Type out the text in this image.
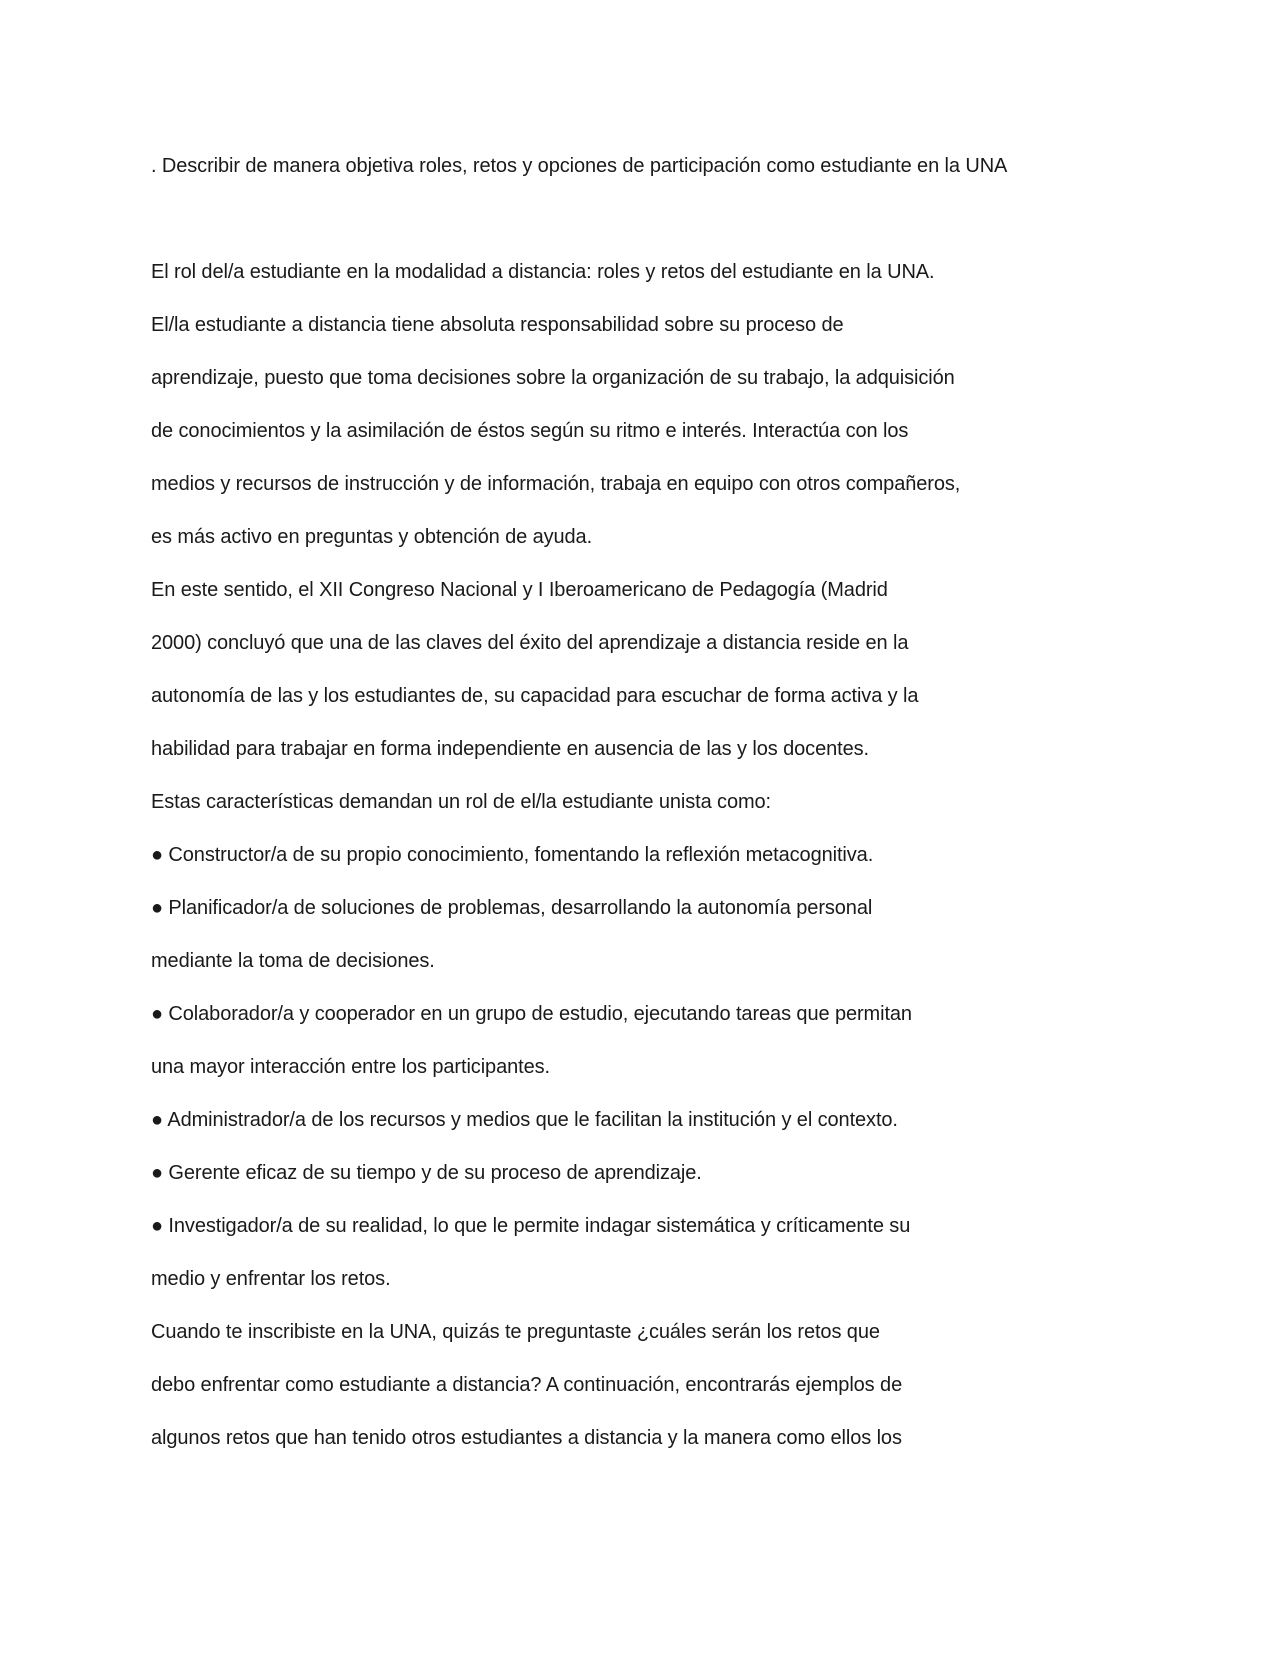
. Describir de manera objetiva roles, retos y opciones de participación como estudiante en la UNA
El rol del/a estudiante en la modalidad a distancia: roles y retos del estudiante en la UNA.
El/la estudiante a distancia tiene absoluta responsabilidad sobre su proceso de
aprendizaje, puesto que toma decisiones sobre la organización de su trabajo, la adquisición
de conocimientos y la asimilación de éstos según su ritmo e interés. Interactúa con los
medios y recursos de instrucción y de información, trabaja en equipo con otros compañeros,
es más activo en preguntas y obtención de ayuda.
En este sentido, el XII Congreso Nacional y I Iberoamericano de Pedagogía (Madrid
2000) concluyó que una de las claves del éxito del aprendizaje a distancia reside en la
autonomía de las y los estudiantes de, su capacidad para escuchar de forma activa y la
habilidad para trabajar en forma independiente en ausencia de las y los docentes.
Estas características demandan un rol de el/la estudiante unista como:
● Constructor/a de su propio conocimiento, fomentando la reflexión metacognitiva.
● Planificador/a de soluciones de problemas, desarrollando la autonomía personal
mediante la toma de decisiones.
● Colaborador/a y cooperador en un grupo de estudio, ejecutando tareas que permitan
una mayor interacción entre los participantes.
● Administrador/a de los recursos y medios que le facilitan la institución y el contexto.
● Gerente eficaz de su tiempo y de su proceso de aprendizaje.
● Investigador/a de su realidad, lo que le permite indagar sistemática y críticamente su
medio y enfrentar los retos.
Cuando te inscribiste en la UNA, quizás te preguntaste ¿cuáles serán los retos que
debo enfrentar como estudiante a distancia? A continuación, encontrarás ejemplos de
algunos retos que han tenido otros estudiantes a distancia y la manera como ellos los
